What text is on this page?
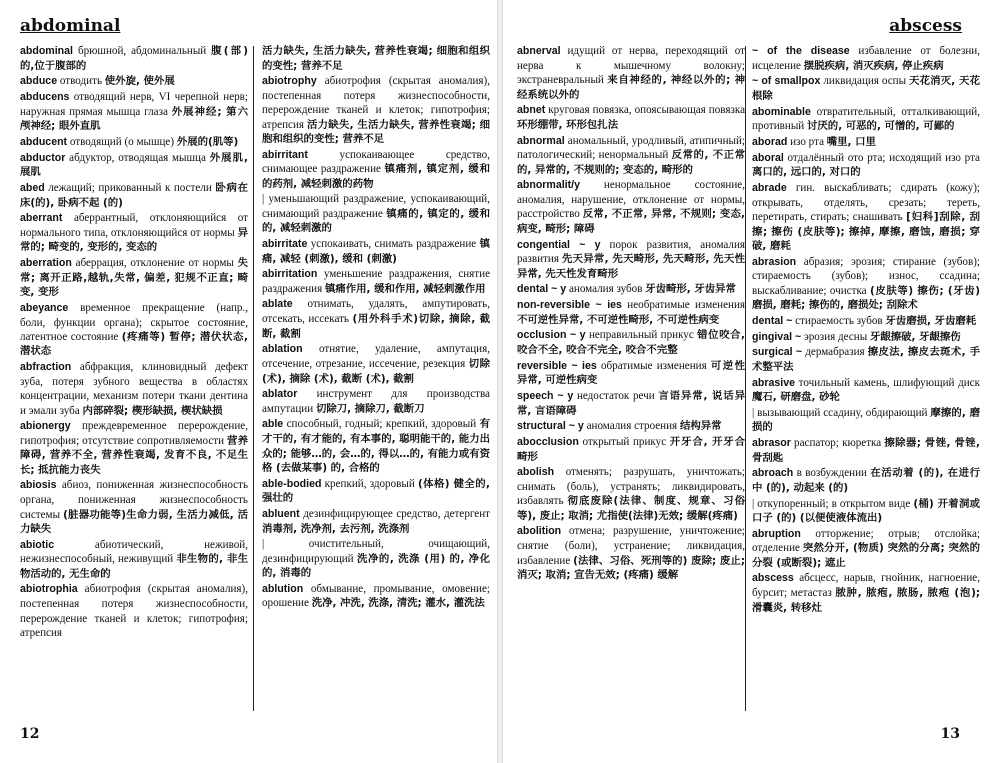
abdominal
abdominal брюшной, абдоминальный 腹(部)的,位于腹部的
abduce отводить 使外旋, 使外展
abducens отводящий нерв, VI черепной нерв; наружная прямая мышца глаза 外展神经; 第六颅神经; 眼外直肌
abducent отводящий (о мышце) 外展的(肌等)
abductor абдуктор, отводящая мышца 外展肌,展肌
abed лежащий; прикованный к постели 卧病在床(的), 卧病不起 (的)
aberrant аберрантный, отклоняющийся от нормального типа, отклоняющийся от нормы 异常的; 畸变的, 变形的, 变态的
aberration аберрация, отклонение от нормы 失常; 离开正路,越轨,失常, 偏差, 犯规不正直; 畸变, 变形
abeyance временное прекращение (напр., боли, функции органа); скрытое состояние, латентное состояние (疼痛等) 暂停; 潜伏状态, 潜状态
abfraction абфракция, клиновидный дефект зуба, потеря зубного вещества в областях концентрации, механизм потери ткани дентина и эмали зуба 内部碎裂; 楔形缺损, 楔状缺损
abionergy преждевременное перерождение, гипотрофия; отсутствие сопротивляемости 营养障碍, 营养不全, 营养性衰竭, 发育不良, 不足生长; 抵抗能力丧失
abiosis абиоз, пониженная жизнеспособность органа, пониженная жизнеспособность системы (脏器功能等)生命力弱, 生活力减低, 活力缺失
abiotic	абиотический, неживой, нежизнеспособный, неживущий 非生物的, 非生物活动的, 无生命的
abiotrophia абиотрофия (скрытая аномалия), постепенная потеря жизнеспособности, перерождение тканей и клеток; гипотрофия; атрепсия
活力缺失, 生活力缺失, 营养性衰竭; 细胞和组织的变性; 营养不足
abiotrophy абиотрофия (скрытая аномалия), постепенная потеря жизнеспособности, перерождение тканей и клеток; гипотрофия; атрепсия 活力缺失, 生活力缺失, 营养性衰竭; 细胞和组织的变性; 营养不足
abirritant	успокаивающее средство, снимающее раздражение 镇痛剂, 镇定剂, 缓和的药剂, 减轻刺激的药物
| уменьшающий раздражение, успокаивающий, снимающий раздражение 镇痛的, 镇定的, 缓和的, 减轻刺激的
abirritate успокаивать, снимать раздражение 镇痛, 减轻 (刺激), 缓和 (刺激)
abirritation уменьшение раздражения, снятие раздражения 镇痛作用, 缓和作用, 减轻刺激作用
ablate отнимать, удалять, ампутировать, отсекать, иссекать (用外科手术)切除, 摘除, 截断, 截割
ablation отнятие, удаление, ампутация, отсечение, отрезание, иссечение, резекция 切除 (术), 摘除 (术), 截断 (术), 截割
ablator инструмент для производства ампутации 切除刀, 摘除刀, 截断刀
able способный, годный; крепкий, здоровый 有才干的, 有才能的, 有本事的, 聪明能干的, 能力出众的; 能够…的, 会…的, 得以…的, 有能力或有资格 (去做某事) 的, 合格的
able-bodied крепкий, здоровый (体格) 健全的, 强壮的
abluent дезинфицирующее средство, детергент 消毒剂, 洗净剂, 去污剂, 洗涤剂
| очистительный, очищающий, дезинфицирующий 洗净的, 洗涤 (用) 的, 净化的, 消毒的
ablution обмывание, промывание, омовение; орошение 洗净, 冲洗, 洗涤, 清洗; 灌水, 灌洗法
12
abscess
abnerval идущий от нерва, переходящий от нерва к мышечному волокну; экстраневральный 来自神经的, 神经以外的; 神经系统以外的
abnet круговая повязка, опоясывающая повязка 环形绷带, 环形包扎法
abnormal аномальный, уродливый, атипичный; патологический; ненормальный 反常的, 不正常的, 异常的, 不规则的; 变态的, 畸形的
abnormalit/y ненормальное состояние, аномалия, нарушение, отклонение от нормы, расстройство 反常, 不正常, 异常, 不规则; 变态, 病变, 畸形; 障碍
congential ~ y порок развития, аномалия развития 先天异常, 先天畸形, 先天畸形, 先天性异常, 先天性发育畸形
dental ~ y аномалия зубов 牙齿畸形, 牙齿异常
non-reversible ~ ies необратимые изменения 不可逆性异常, 不可逆性畸形, 不可逆性病变
occlusion ~ y неправильный прикус 错位咬合, 咬合不全, 咬合不完全, 咬合不完整
reversible ~ ies обратимые изменения 可逆性异常, 可逆性病变
speech ~ y недостаток речи 言语异常, 说话异常, 言语障碍
structural ~ y аномалия строения 结构异常
abocclusion открытый прикус 开牙合, 开牙合畸形
abolish отменять; разрушать, уничтожать; снимать (боль), устранять; ликвидировать, избавлять 彻底废除(法律、制度、规章、习俗等), 废止; 取消; 尤指使(法律)无效; 缓解(疼痛)
abolition отмена; разрушение, уничтожение; снятие (боли), устранение; ликвидация, избавление (法律、习俗、死刑等的) 废除; 废止; 消灭; 取消; 宣告无效; (疼痛) 缓解
~ of the disease избавление от болезни, исцеление 摆脱疾病, 消灭疾病, 停止疾病
~ of smallpox ликвидация оспы 天花消灭, 天花根除
abominable отвратительный, отталкивающий, противный 讨厌的, 可恶的, 可憎的, 可鄙的
aborad изо рта 嘴里, 口里
aboral отдалённый ото рта; исходящий изо рта 离口的, 远口的, 对口的
abrade гин. выскабливать; сдирать (кожу); открывать, отделять, срезать; тереть, перетирать, стирать; снашивать [妇科]刮除, 刮擦; 擦伤 (皮肤等); 擦掉, 摩擦, 磨蚀, 磨损; 穿破, 磨耗
abrasion абразия; эрозия; стирание (зубов); стираемость (зубов); износ, ссадина; выскабливание; очистка (皮肤等) 擦伤; (牙齿) 磨损, 磨耗; 擦伤的, 磨损处; 刮除术
dental ~ стираемость зубов 牙齿磨损, 牙齿磨耗
gingival ~ эрозия десны 牙龈擦破, 牙龈擦伤
surgical ~ дермабразия 擦皮法, 擦皮去斑术, 手术整平法
abrasive точильный камень, шлифующий диск 魔石, 研磨盘, 砂轮
| вызывающий ссадину, обдирающий 摩擦的, 磨损的
abrasor распатор; кюретка 擦除器; 骨锉, 骨锉, 骨刮匙
abroach в возбуждении 在活动着 (的), 在进行中 (的), 动起来 (的)
| откупоренный; в открытом виде (桶) 开着洞或口子 (的) (以便使液体流出)
abruption отторжение; отрыв; отслойка; отделение 突然分开, (物质) 突然的分离; 突然的分裂 (或断裂); 遮止
abscess абсцесс, нарыв, гнойник, нагноение, бурсит; метастаз 脓肿, 脓疱, 脓肠, 脓疱 (泡); 滑囊炎, 转移灶
13
